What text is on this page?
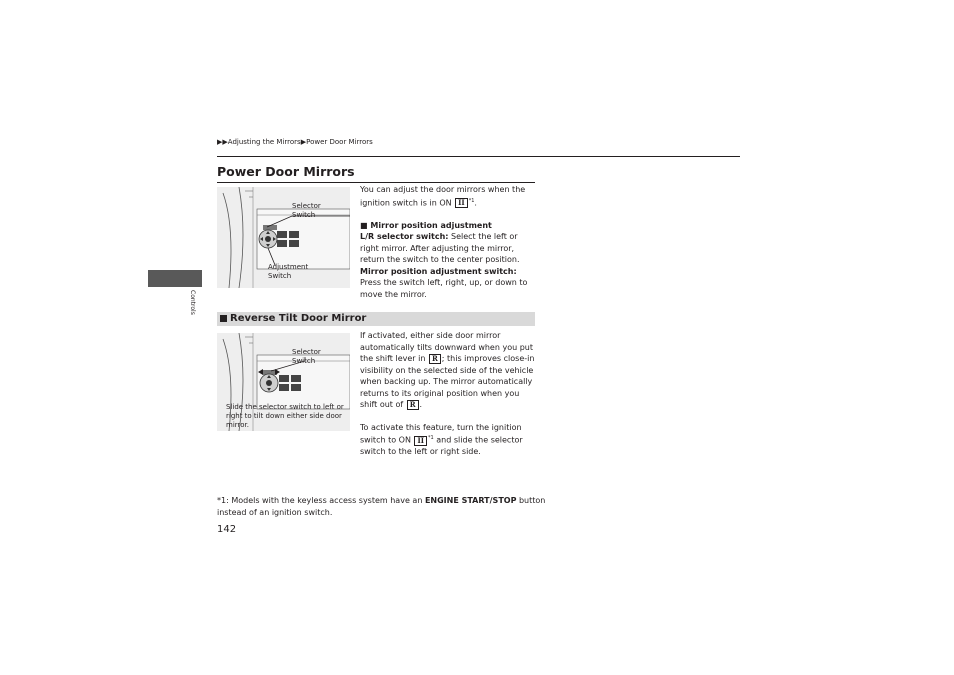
▶▶Adjusting the Mirrors▶Power Door Mirrors
Power Door Mirrors
Selector
Switch
Adjustment
Switch
You can adjust the door mirrors when the ignition switch is in ON II $^{*1}$.
■ Mirror position adjustment
L/R selector switch: Select the left or right mirror. After adjusting the mirror, return the switch to the center position.
Mirror position adjustment switch: Press the switch left, right, up, or down to move the mirror.
Reverse Tilt Door Mirror
Selector
Switch
Slide the selector switch to left or right to tilt down either side door mirror.
If activated, either side door mirror automatically tilts downward when you put the shift lever in R ; this improves close-in visibility on the selected side of the vehicle when backing up. The mirror automatically returns to its original position when you shift out of R .
To activate this feature, turn the ignition switch to ON II $^{*1}$ and slide the selector switch to the left or right side.
Controls
*1: Models with the keyless access system have an ENGINE START/STOP button instead of an ignition switch.
142
